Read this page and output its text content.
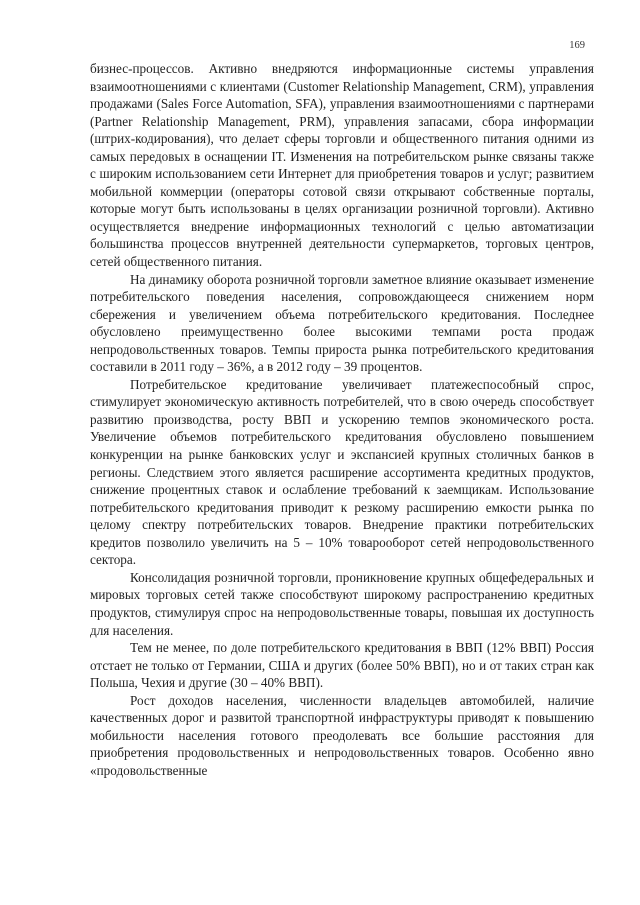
169

бизнес-процессов. Активно внедряются информационные системы управления взаимоотношениями с клиентами (Customer Relationship Management, CRM), управления продажами (Sales Force Automation, SFA), управления взаимоотношениями с партнерами (Partner Relationship Management, PRM), управления запасами, сбора информации (штрих-кодирования), что делает сферы торговли и общественного питания одними из самых передовых в оснащении IT. Изменения на потребительском рынке связаны также с широким использованием сети Интернет для приобретения товаров и услуг; развитием мобильной коммерции (операторы сотовой связи открывают собственные порталы, которые могут быть использованы в целях организации розничной торговли). Активно осуществляется внедрение информационных технологий с целью автоматизации большинства процессов внутренней деятельности супермаркетов, торговых центров, сетей общественного питания.

На динамику оборота розничной торговли заметное влияние оказывает изменение потребительского поведения населения, сопровождающееся снижением норм сбережения и увеличением объема потребительского кредитования. Последнее обусловлено преимущественно более высокими темпами роста продаж непродовольственных товаров. Темпы прироста рынка потребительского кредитования составили в 2011 году – 36%, а в 2012 году – 39 процентов.

Потребительское кредитование увеличивает платежеспособный спрос, стимулирует экономическую активность потребителей, что в свою очередь способствует развитию производства, росту ВВП и ускорению темпов экономического роста. Увеличение объемов потребительского кредитования обусловлено повышением конкуренции на рынке банковских услуг и экспансией крупных столичных банков в регионы. Следствием этого является расширение ассортимента кредитных продуктов, снижение процентных ставок и ослабление требований к заемщикам. Использование потребительского кредитования приводит к резкому расширению емкости рынка по целому спектру потребительских товаров. Внедрение практики потребительских кредитов позволило увеличить на 5 – 10% товарооборот сетей непродовольственного сектора.

Консолидация розничной торговли, проникновение крупных общефедеральных и мировых торговых сетей также способствуют широкому распространению кредитных продуктов, стимулируя спрос на непродовольственные товары, повышая их доступность для населения.

Тем не менее, по доле потребительского кредитования в ВВП (12% ВВП) Россия отстает не только от Германии, США и других (более 50% ВВП), но и от таких стран как Польша, Чехия и другие (30 – 40% ВВП).

Рост доходов населения, численности владельцев автомобилей, наличие качественных дорог и развитой транспортной инфраструктуры приводят к повышению мобильности населения готового преодолевать все большие расстояния для приобретения продовольственных и непродовольственных товаров. Особенно явно «продовольственные
